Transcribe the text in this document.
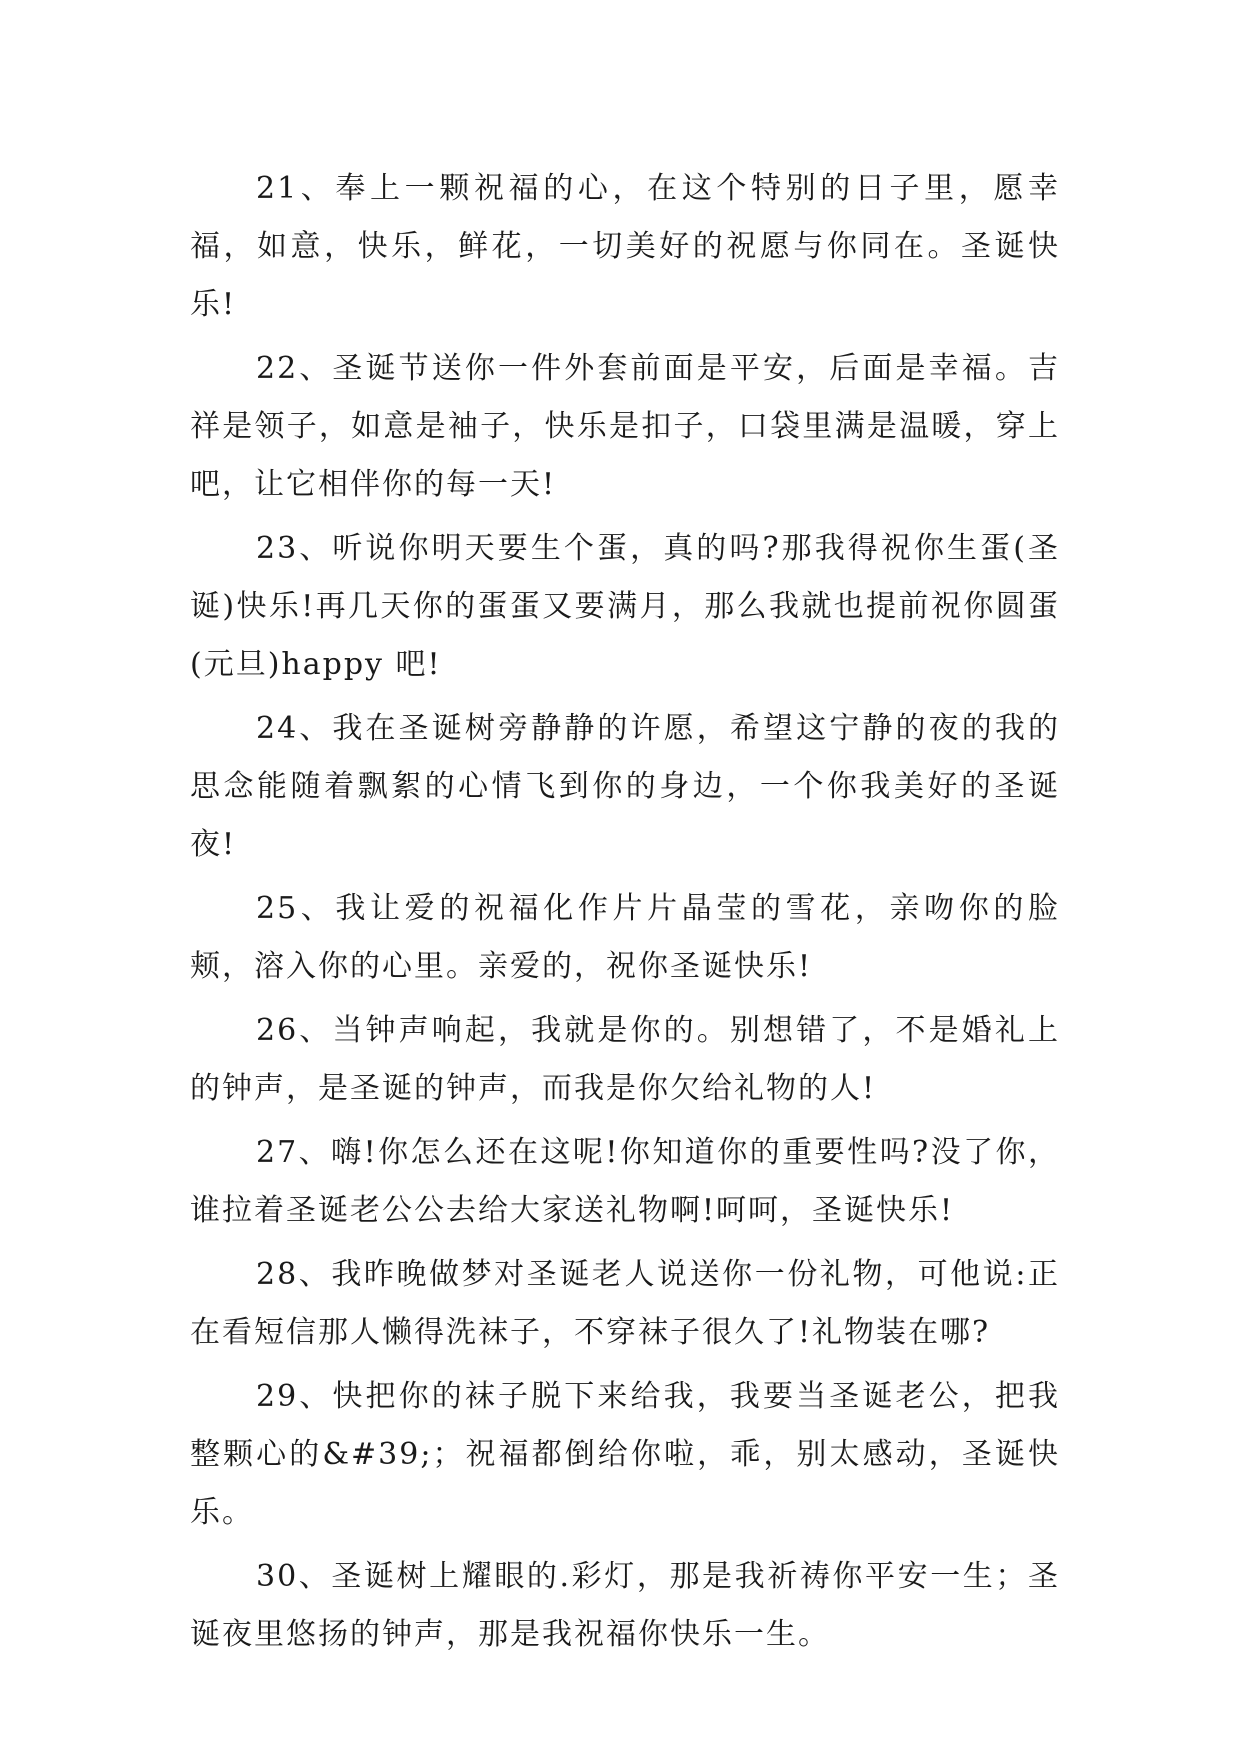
21、奉上一颗祝福的心，在这个特别的日子里，愿幸福，如意，快乐，鲜花，一切美好的祝愿与你同在。圣诞快乐!

22、圣诞节送你一件外套前面是平安，后面是幸福。吉祥是领子，如意是袖子，快乐是扣子，口袋里满是温暖，穿上吧，让它相伴你的每一天!

23、听说你明天要生个蛋，真的吗?那我得祝你生蛋(圣诞)快乐!再几天你的蛋蛋又要满月，那么我就也提前祝你圆蛋(元旦)happy 吧!

24、我在圣诞树旁静静的许愿，希望这宁静的夜的我的思念能随着飘絮的心情飞到你的身边，一个你我美好的圣诞夜!

25、我让爱的祝福化作片片晶莹的雪花，亲吻你的脸颊，溶入你的心里。亲爱的，祝你圣诞快乐!

26、当钟声响起，我就是你的。别想错了，不是婚礼上的钟声，是圣诞的钟声，而我是你欠给礼物的人!

27、嗨!你怎么还在这呢!你知道你的重要性吗?没了你，谁拉着圣诞老公公去给大家送礼物啊!呵呵，圣诞快乐!

28、我昨晚做梦对圣诞老人说送你一份礼物，可他说:正在看短信那人懒得洗袜子，不穿袜子很久了!礼物装在哪?

29、快把你的袜子脱下来给我，我要当圣诞老公，把我整颗心的&#39;；祝福都倒给你啦，乖，别太感动，圣诞快乐。

30、圣诞树上耀眼的.彩灯，那是我祈祷你平安一生；圣诞夜里悠扬的钟声，那是我祝福你快乐一生。
